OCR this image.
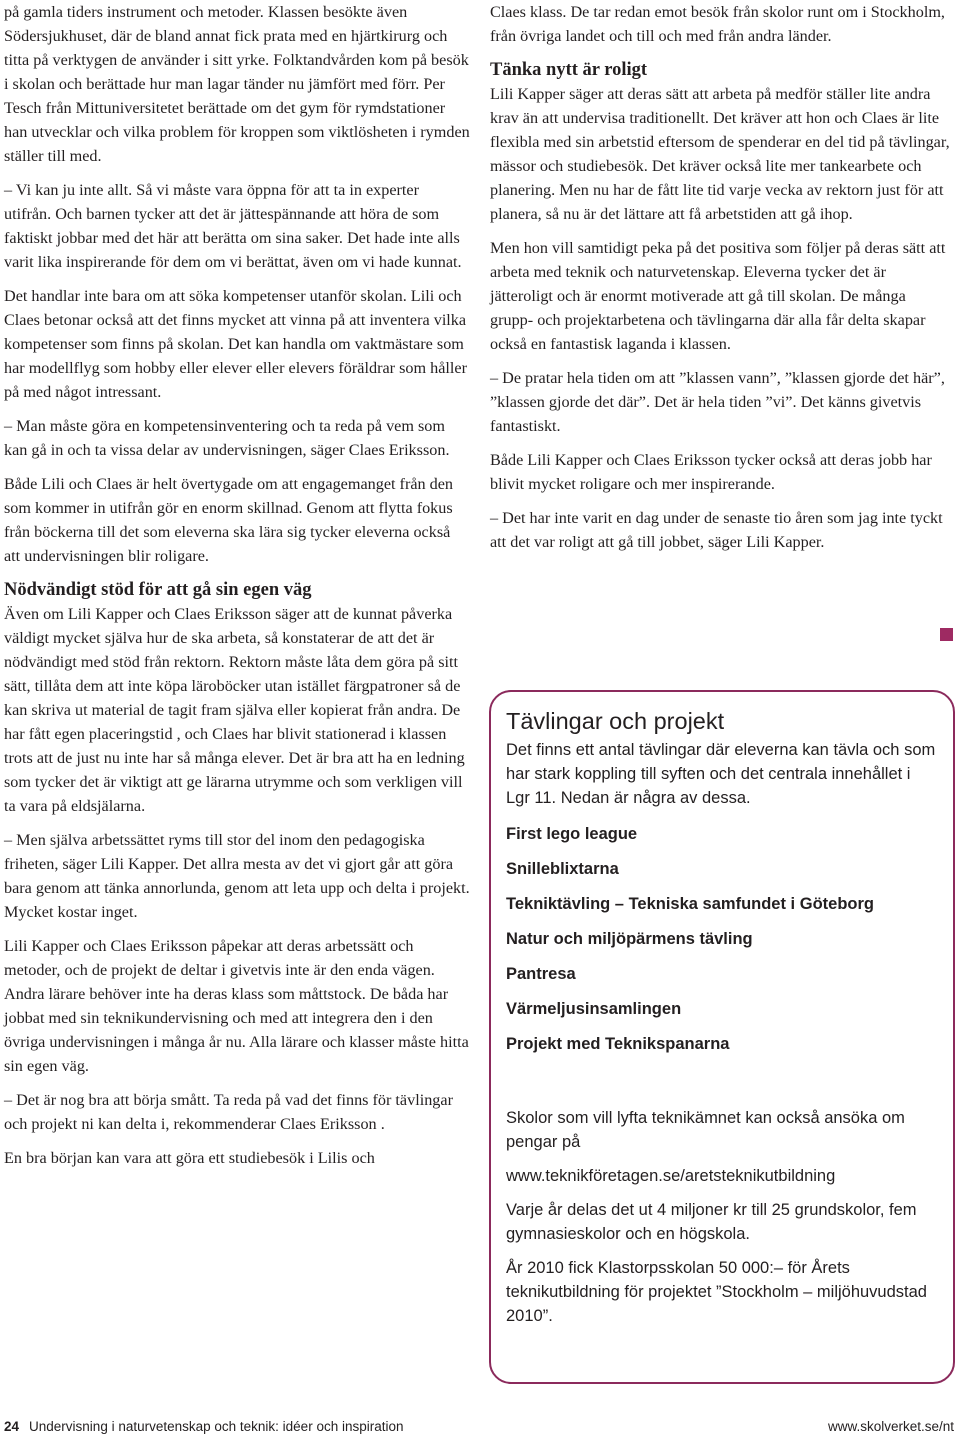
på gamla tiders instrument och metoder. Klassen besökte även Södersjukhuset, där de bland annat fick prata med en hjärtkirurg och titta på verktygen de använder i sitt yrke. Folktandvården kom på besök i skolan och berättade hur man lagar tänder nu jämfört med förr. Per Tesch från Mittuniversitetet berättade om det gym för rymdstationer han utvecklar och vilka problem för kroppen som viktlösheten i rymden ställer till med.

– Vi kan ju inte allt. Så vi måste vara öppna för att ta in experter utifrån. Och barnen tycker att det är jättespännande att höra de som faktiskt jobbar med det här att berätta om sina saker. Det hade inte alls varit lika inspirerande för dem om vi berättat, även om vi hade kunnat.

Det handlar inte bara om att söka kompetenser utanför skolan. Lili och Claes betonar också att det finns mycket att vinna på att inventera vilka kompetenser som finns på skolan. Det kan handla om vaktmästare som har modellflyg som hobby eller elever eller elevers föräldrar som håller på med något intressant.

– Man måste göra en kompetensinventering och ta reda på vem som kan gå in och ta vissa delar av undervisningen, säger Claes Eriksson.

Både Lili och Claes är helt övertygade om att engagemanget från den som kommer in utifrån gör en enorm skillnad. Genom att flytta fokus från böckerna till det som eleverna ska lära sig tycker eleverna också att undervisningen blir roligare.

Nödvändigt stöd för att gå sin egen väg

Även om Lili Kapper och Claes Eriksson säger att de kunnat påverka väldigt mycket själva hur de ska arbeta, så konstaterar de att det är nödvändigt med stöd från rektorn. Rektorn måste låta dem göra på sitt sätt, tillåta dem att inte köpa läroböcker utan istället färgpatroner så de kan skriva ut material de tagit fram själva eller kopierat från andra. De har fått egen placeringstid , och Claes har blivit stationerad i klassen trots att de just nu inte har så många elever. Det är bra att ha en ledning som tycker det är viktigt att ge lärarna utrymme och som verkligen vill ta vara på eldsjälarna.

– Men själva arbetssättet ryms till stor del inom den pedagogiska friheten, säger Lili Kapper. Det allra mesta av det vi gjort går att göra bara genom att tänka annorlunda, genom att leta upp och delta i projekt. Mycket kostar inget.

Lili Kapper och Claes Eriksson påpekar att deras arbetssätt och metoder, och de projekt de deltar i givetvis inte är den enda vägen. Andra lärare behöver inte ha deras klass som måttstock. De båda har jobbat med sin teknikundervisning och med att integrera den i den övriga undervisningen i många år nu. Alla lärare och klasser måste hitta sin egen väg.

– Det är nog bra att börja smått. Ta reda på vad det finns för tävlingar och projekt ni kan delta i, rekommenderar Claes Eriksson .

En bra början kan vara att göra ett studiebesök i Lilis och

Claes klass. De tar redan emot besök från skolor runt om i Stockholm, från övriga landet och till och med från andra länder.

Tänka nytt är roligt

Lili Kapper säger att deras sätt att arbeta på medför ställer lite andra krav än att undervisa traditionellt. Det kräver att hon och Claes är lite flexibla med sin arbetstid eftersom de spenderar en del tid på tävlingar, mässor och studiebesök. Det kräver också lite mer tankearbete och planering. Men nu har de fått lite tid varje vecka av rektorn just för att planera, så nu är det lättare att få arbetstiden att gå ihop.

Men hon vill samtidigt peka på det positiva som följer på deras sätt att arbeta med teknik och naturvetenskap. Eleverna tycker det är jätteroligt och är enormt motiverade att gå till skolan. De många grupp- och projektarbetena och tävlingarna där alla får delta skapar också en fantastisk laganda i klassen.

– De pratar hela tiden om att ”klassen vann”, ”klassen gjorde det här”, ”klassen gjorde det där”. Det är hela tiden ”vi”. Det känns givetvis fantastiskt.

Både Lili Kapper och Claes Eriksson tycker också att deras jobb har blivit mycket roligare och mer inspirerande.

– Det har inte varit en dag under de senaste tio åren som jag inte tyckt att det var roligt att gå till jobbet, säger Lili Kapper.

Tävlingar och projekt

Det finns ett antal tävlingar där eleverna kan tävla och som har stark koppling till syften och det centrala innehållet i Lgr 11. Nedan är några av dessa.

First lego league
Snilleblixtarna
Tekniktävling – Tekniska samfundet i Göteborg
Natur och miljöpärmens tävling
Pantresa
Värmeljusinsamlingen
Projekt med Teknikspanarna

Skolor som vill lyfta teknikämnet kan också ansöka om pengar på

www.teknikföretagen.se/aretsteknikutbildning

Varje år delas det ut 4 miljoner kr till 25 grundskolor, fem gymnasieskolor och en högskola.

År 2010 fick Klastorpsskolan 50 000:– för Årets teknikutbildning för projektet ”Stockholm – miljöhuvudstad 2010”.

24 Undervisning i naturvetenskap och teknik: idéer och inspiration	www.skolverket.se/nt
